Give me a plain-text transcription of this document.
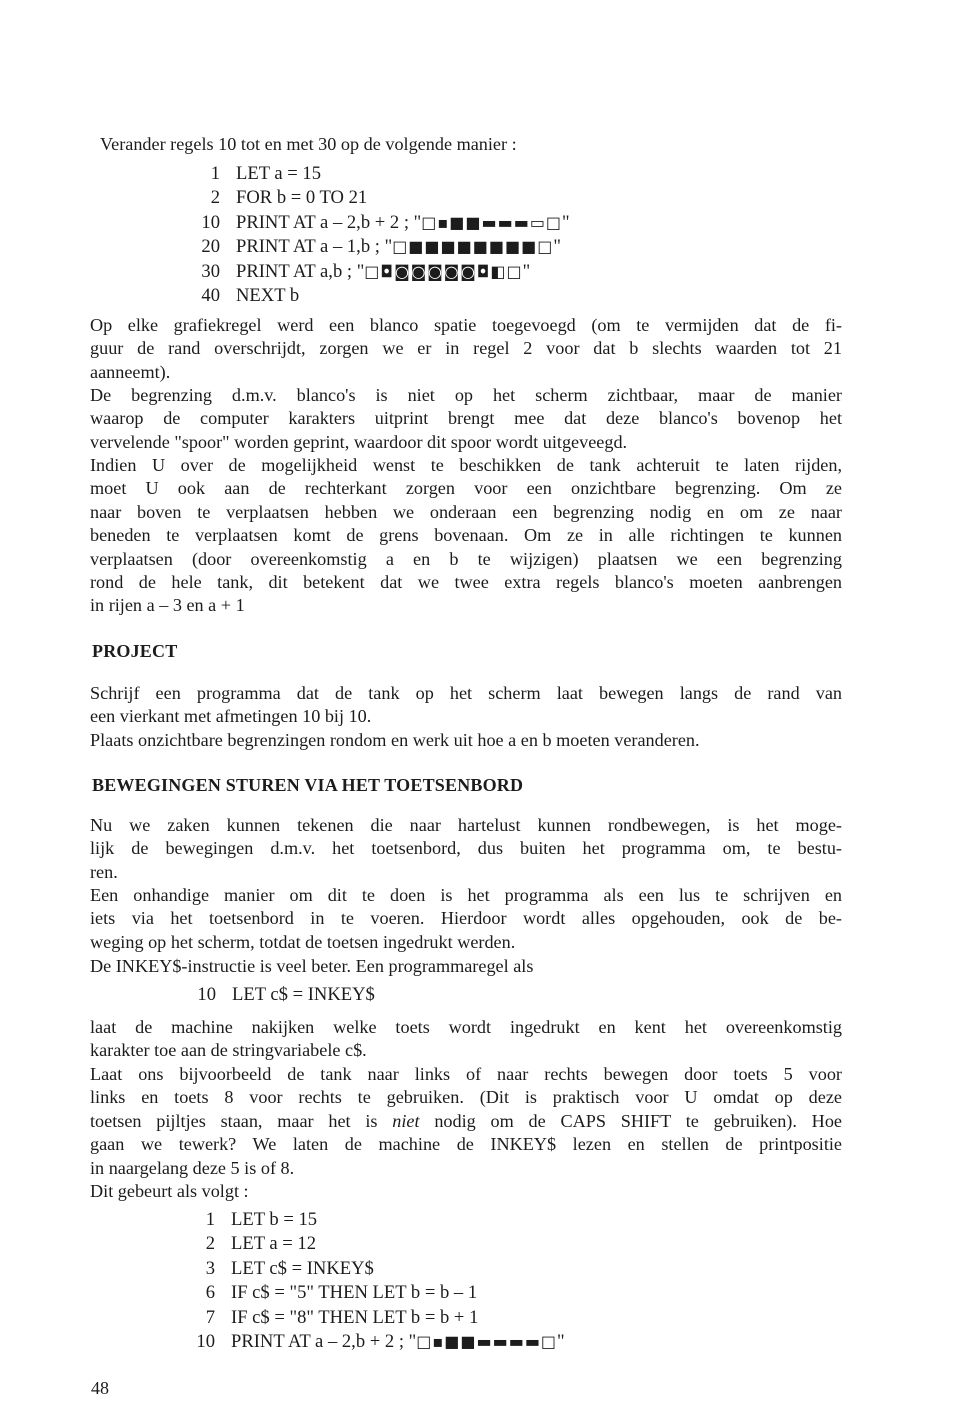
Verander regels 10 tot en met 30 op de volgende manier :
1 LET a = 15
2 FOR b = 0 TO 21
10 PRINT AT a – 2,b + 2 ; " □▪■■▬▬▬▭□ "
20 PRINT AT a – 1,b ; " □■■■■■■■■□ "
30 PRINT AT a,b ; " □◘◙◙◙◙◙◘◧□ "
40 NEXT b
Op elke grafiekregel werd een blanco spatie toegevoegd (om te vermijden dat de fi-
guur de rand overschrijdt, zorgen we er in regel 2 voor dat b slechts waarden tot 21
aanneemt).
De begrenzing d.m.v. blanco's is niet op het scherm zichtbaar, maar de manier
waarop de computer karakters uitprint brengt mee dat deze blanco's bovenop het
vervelende "spoor" worden geprint, waardoor dit spoor wordt uitgeveegd.
Indien U over de mogelijkheid wenst te beschikken de tank achteruit te laten rijden,
moet U ook aan de rechterkant zorgen voor een onzichtbare begrenzing. Om ze
naar boven te verplaatsen hebben we onderaan een begrenzing nodig en om ze naar
beneden te verplaatsen komt de grens bovenaan. Om ze in alle richtingen te kunnen
verplaatsen (door overeenkomstig a en b te wijzigen) plaatsen we een begrenzing
rond de hele tank, dit betekent dat we twee extra regels blanco's moeten aanbrengen
in rijen a – 3 en a + 1
PROJECT
Schrijf een programma dat de tank op het scherm laat bewegen langs de rand van
een vierkant met afmetingen 10 bij 10.
Plaats onzichtbare begrenzingen rondom en werk uit hoe a en b moeten veranderen.
BEWEGINGEN STUREN VIA HET TOETSENBORD
Nu we zaken kunnen tekenen die naar hartelust kunnen rondbewegen, is het moge-
lijk de bewegingen d.m.v. het toetsenbord, dus buiten het programma om, te bestu-
ren.
Een onhandige manier om dit te doen is het programma als een lus te schrijven en
iets via het toetsenbord in te voeren. Hierdoor wordt alles opgehouden, ook de be-
weging op het scherm, totdat de toetsen ingedrukt werden.
De INKEY$-instructie is veel beter. Een programmaregel als
10 LET c$ = INKEY$
laat de machine nakijken welke toets wordt ingedrukt en kent het overeenkomstig
karakter toe aan de stringvariabele c$.
Laat ons bijvoorbeeld de tank naar links of naar rechts bewegen door toets 5 voor
links en toets 8 voor rechts te gebruiken. (Dit is praktisch voor U omdat op deze
toetsen pijltjes staan, maar het is niet nodig om de CAPS SHIFT te gebruiken). Hoe
gaan we tewerk? We laten de machine de INKEY$ lezen en stellen de printpositie
in naargelang deze 5 is of 8.
Dit gebeurt als volgt :
1 LET b = 15
2 LET a = 12
3 LET c$ = INKEY$
6 IF c$ = "5" THEN LET b = b – 1
7 IF c$ = "8" THEN LET b = b + 1
10 PRINT AT a – 2,b + 2 ; " □▪■■▬▬▬▬□ "
48
